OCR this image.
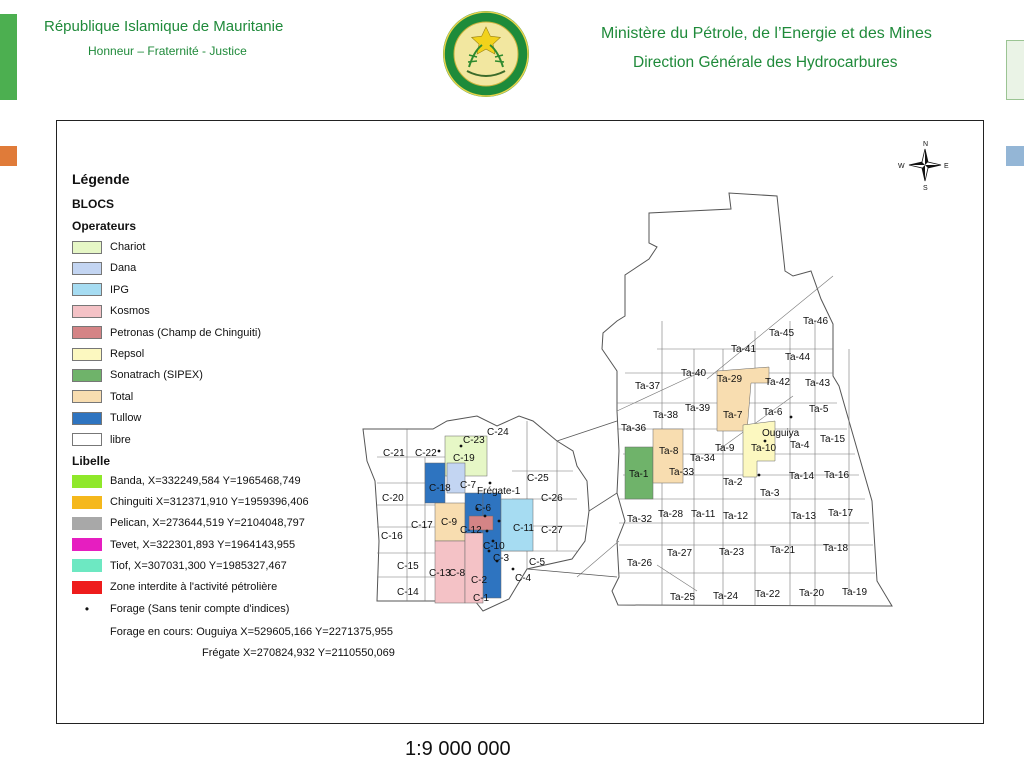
République Islamique de Mauritanie
Honneur – Fraternité - Justice
Ministère du Pétrole, de l’Energie et des Mines
Direction Générale des Hydrocarbures
C-21 C-22 C-19
C-23
C-24
C-20
C-18 C-7
C-25
C-26
C-6
C-16
C-17 C-9
C-12	C-11 C-27
C-10
C-3
C-15
C-13
C-8
C-5
C-2	C-4
C-14
C-1
Ta-46
Ta-45
Ta-41
Ta-44
Ta-40
Ta-29 Ta-42 Ta-43
Ta-37
Ta-39
Ta-38	Ta-7 Ta-6	Ta-5
Ta-36
Ta-15
Ta-8	Ta-9 Ta-10 Ta-4
Ta-34
Ta-1 Ta-33
Ta-2
Ta-14 Ta-16
Ta-3
Ta-32 Ta-28 Ta-11 Ta-12	Ta-13 Ta-17
Ta-27	Ta-23	Ta-21	Ta-18
Ta-26
Ta-25 Ta-24 Ta-22 Ta-20 Ta-19
Ouguiya
Frégate-1
N
S
E
W
Légende
BLOCS
Operateurs
Chariot
Dana
IPG
Kosmos
Petronas (Champ de Chinguiti)
Repsol
Sonatrach (SIPEX)
Total
Tullow
libre
Libelle
Banda, X=332249,584 Y=1965468,749
Chinguiti X=312371,910 Y=1959396,406
Pelican, X=273644,519 Y=2104048,797
Tevet, X=322301,893 Y=1964143,955
Tiof, X=307031,300 Y=1985327,467
Zone interdite à l'activité pétrolière
•	Forage (Sans tenir compte d'indices)
Forage en cours: Ouguiya X=529605,166 Y=2271375,955
Frégate X=270824,932 Y=2110550,069
1:9 000 000
